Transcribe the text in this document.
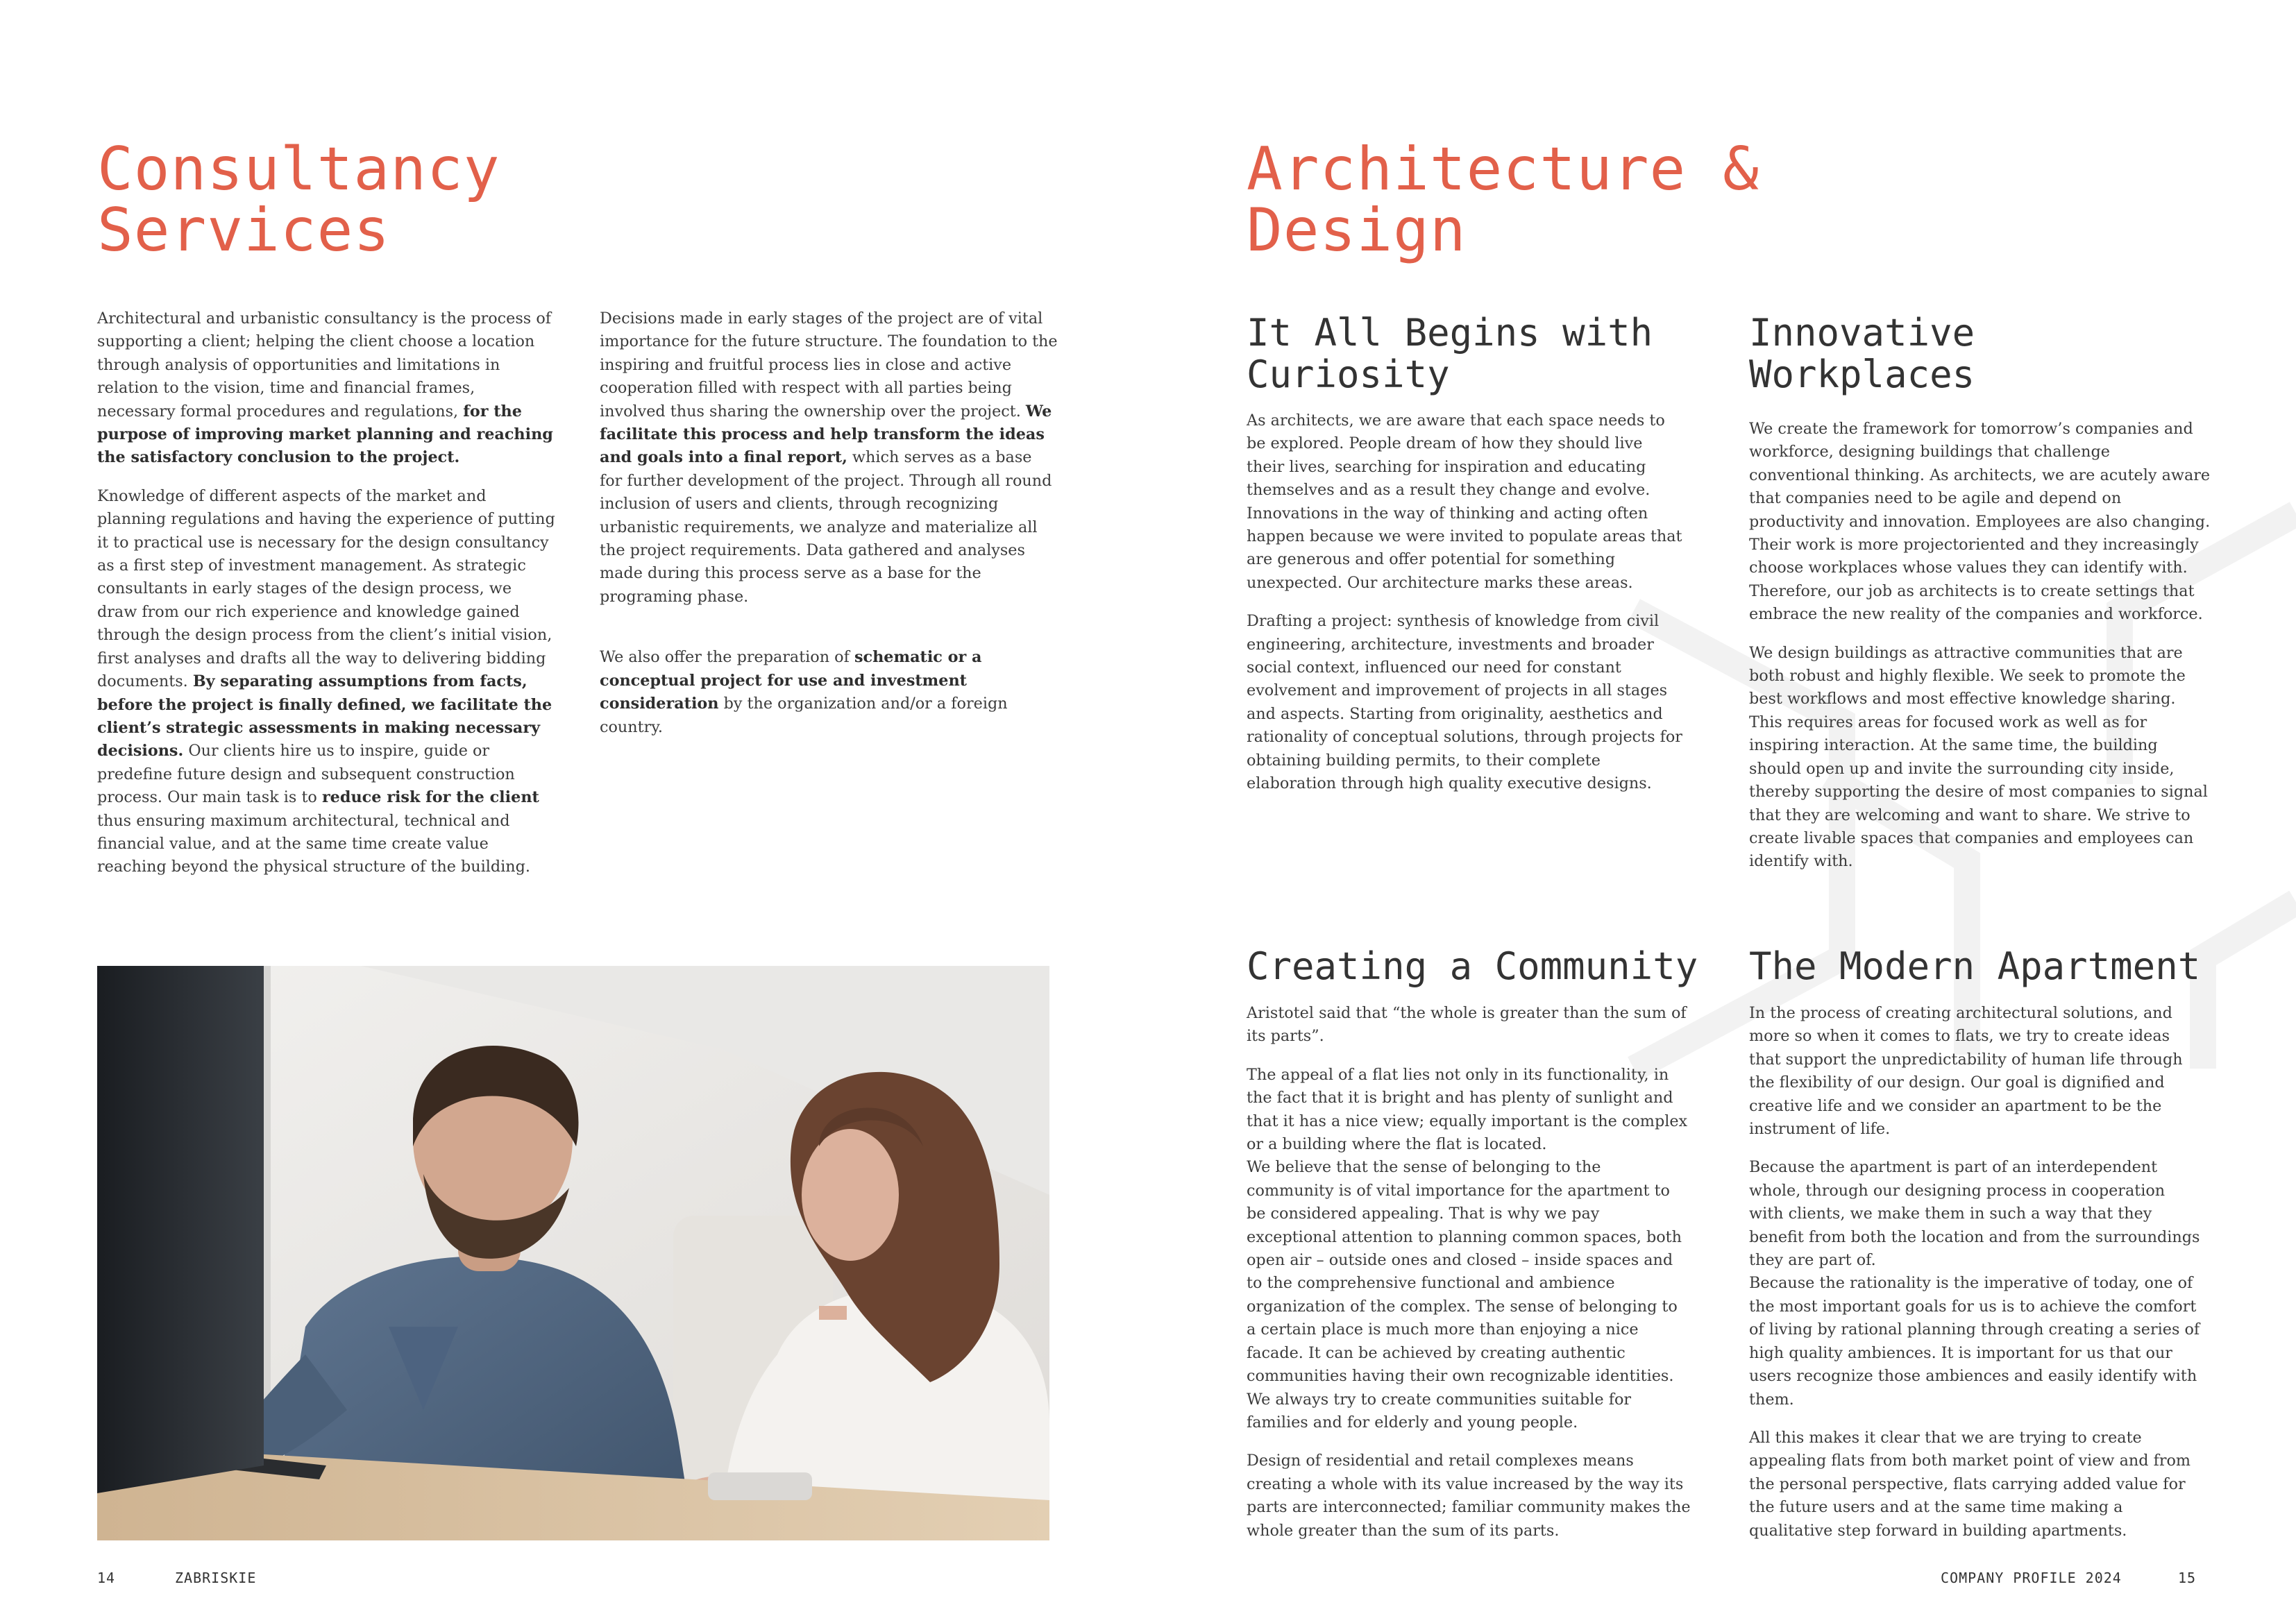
Consultancy
Services

Architectural and urbanistic consultancy is the process of supporting a client; helping the client choose a location through analysis of opportunities and limitations in relation to the vision, time and financial frames, necessary formal procedures and regulations, for the purpose of improving market planning and reaching the satisfactory conclusion to the project.

Knowledge of different aspects of the market and planning regulations and having the experience of putting it to practical use is necessary for the design consultancy as a first step of investment management. As strategic consultants in early stages of the design process, we draw from our rich experience and knowledge gained through the design process from the client’s initial vision, first analyses and drafts all the way to delivering bidding documents. By separating assumptions from facts, before the project is finally defined, we facilitate the client’s strategic assessments in making necessary decisions. Our clients hire us to inspire, guide or predefine future design and subsequent construction process. Our main task is to reduce risk for the client thus ensuring maximum architectural, technical and financial value, and at the same time create value reaching beyond the physical structure of the building.

Decisions made in early stages of the project are of vital importance for the future structure. The foundation to the inspiring and fruitful process lies in close and active cooperation filled with respect with all parties being involved thus sharing the ownership over the project. We facilitate this process and help transform the ideas and goals into a final report, which serves as a base for further development of the project. Through all round inclusion of users and clients, through recognizing urbanistic requirements, we analyze and materialize all the project requirements. Data gathered and analyses made during this process serve as a base for the programing phase.

We also offer the preparation of schematic or a conceptual project for use and investment consideration by the organization and/or a foreign country.

14	ZABRISKIE
Architecture &
Design
It All Begins with
Curiosity

As architects, we are aware that each space needs to be explored. People dream of how they should live their lives, searching for inspiration and educating themselves and as a result they change and evolve. Innovations in the way of thinking and acting often happen because we were invited to populate areas that are generous and offer potential for something unexpected. Our architecture marks these areas.

Drafting a project: synthesis of knowledge from civil engineering, architecture, investments and broader social context, influenced our need for constant evolvement and improvement of projects in all stages and aspects. Starting from originality, aesthetics and rationality of conceptual solutions, through projects for obtaining building permits, to their complete elaboration through high quality executive designs.

Innovative
Workplaces

We create the framework for tomorrow’s companies and workforce, designing buildings that challenge conventional thinking. As architects, we are acutely aware that companies need to be agile and depend on productivity and innovation. Employees are also changing. Their work is more projectoriented and they increasingly choose workplaces whose values they can identify with. Therefore, our job as architects is to create settings that embrace the new reality of the companies and workforce.

We design buildings as attractive communities that are both robust and highly flexible. We seek to promote the best workflows and most effective knowledge sharing. This requires areas for focused work as well as for inspiring interaction. At the same time, the building should open up and invite the surrounding city inside, thereby supporting the desire of most companies to signal that they are welcoming and want to share. We strive to create livable spaces that companies and employees can identify with.

Creating a Community

Aristotel said that “the whole is greater than the sum of its parts”.

The appeal of a flat lies not only in its functionality, in the fact that it is bright and has plenty of sunlight and that it has a nice view; equally important is the complex or a building where the flat is located.

We believe that the sense of belonging to the community is of vital importance for the apartment to be considered appealing. That is why we pay exceptional attention to planning common spaces, both open air – outside ones and closed – inside spaces and to the comprehensive functional and ambience organization of the complex. The sense of belonging to a certain place is much more than enjoying a nice facade. It can be achieved by creating authentic communities having their own recognizable identities. We always try to create communities suitable for families and for elderly and young people.

Design of residential and retail complexes means creating a whole with its value increased by the way its parts are interconnected; familiar community makes the whole greater than the sum of its parts.

The Modern Apartment

In the process of creating architectural solutions, and more so when it comes to flats, we try to create ideas that support the unpredictability of human life through the flexibility of our design. Our goal is dignified and creative life and we consider an apartment to be the instrument of life.

Because the apartment is part of an interdependent whole, through our designing process in cooperation with clients, we make them in such a way that they benefit from both the location and from the surroundings they are part of.

Because the rationality is the imperative of today, one of the most important goals for us is to achieve the comfort of living by rational planning through creating a series of high quality ambiences. It is important for us that our users recognize those ambiences and easily identify with them.

All this makes it clear that we are trying to create appealing flats from both market point of view and from the personal perspective, flats carrying added value for the future users and at the same time making a qualitative step forward in building apartments.

COMPANY PROFILE 2024	15
